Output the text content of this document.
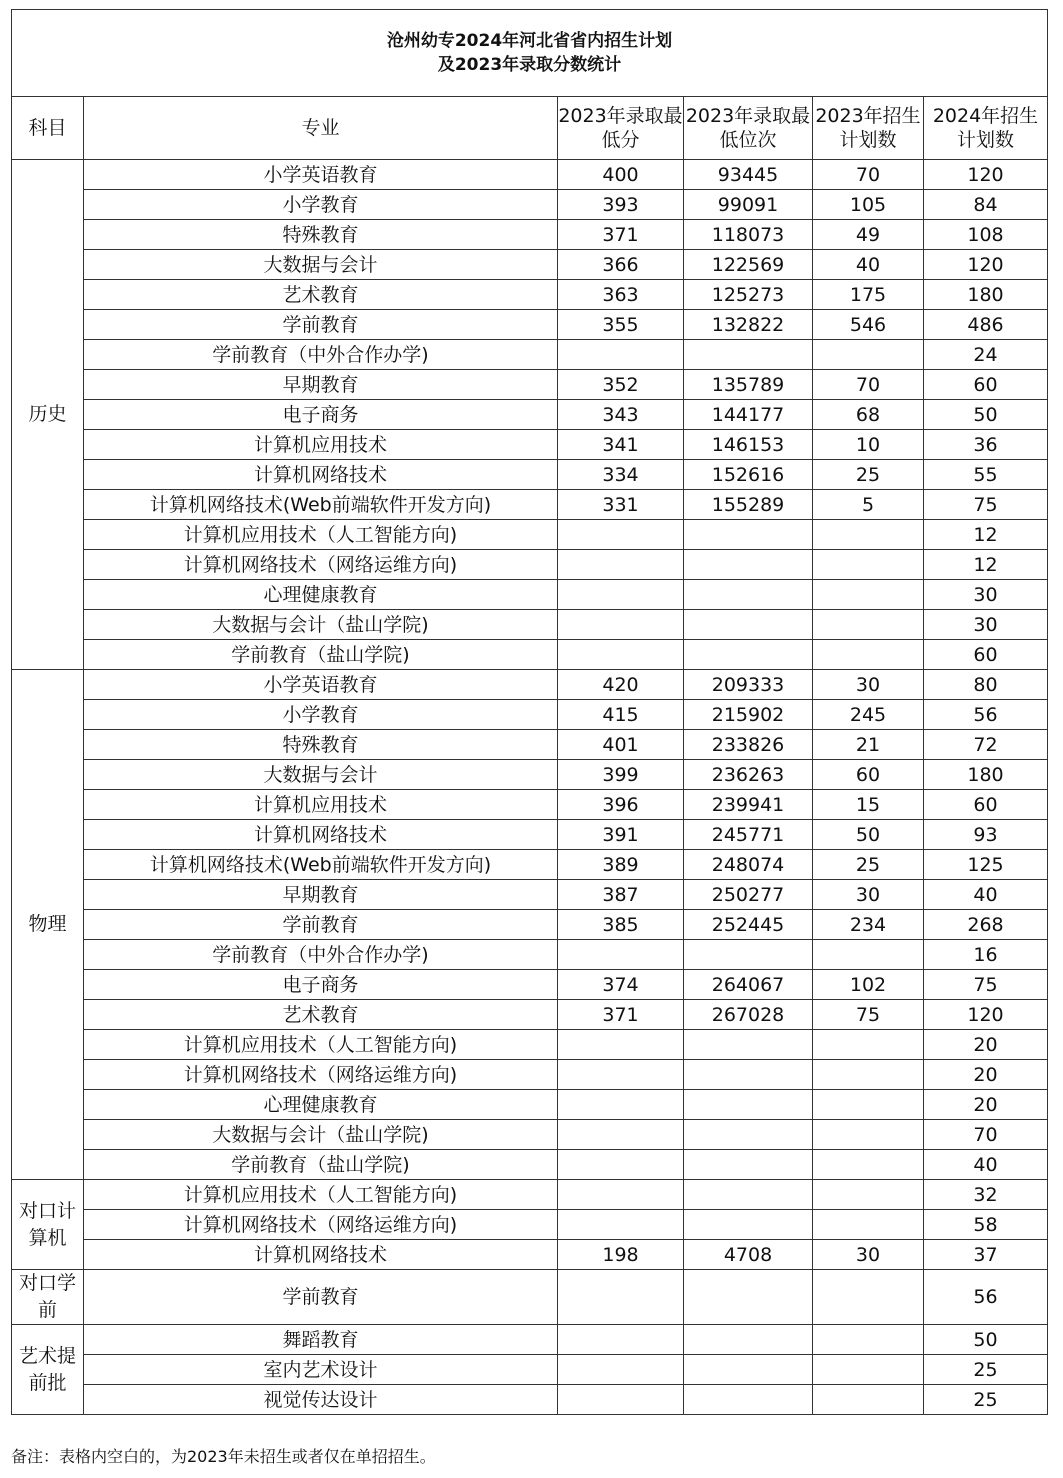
沧州幼专2024年河北省省内招生计划
及2023年录取分数统计					

科目	专业	2023年录取最低分	2023年录取最低位次	2023年招生计划数	2024年招生计划数
历史	小学英语教育	400	93445	70	120
	小学教育	393	99091	105	84
	特殊教育	371	118073	49	108
	大数据与会计	366	122569	40	120
	艺术教育	363	125273	175	180
	学前教育	355	132822	546	486
	学前教育（中外合作办学)				24
	早期教育	352	135789	70	60
	电子商务	343	144177	68	50
	计算机应用技术	341	146153	10	36
	计算机网络技术	334	152616	25	55
	计算机网络技术(Web前端软件开发方向)	331	155289	5	75
	计算机应用技术（人工智能方向)				12
	计算机网络技术（网络运维方向)				12
	心理健康教育				30
	大数据与会计（盐山学院)				30
	学前教育（盐山学院)				60
物理	小学英语教育	420	209333	30	80
	小学教育	415	215902	245	56
	特殊教育	401	233826	21	72
	大数据与会计	399	236263	60	180
	计算机应用技术	396	239941	15	60
	计算机网络技术	391	245771	50	93
	计算机网络技术(Web前端软件开发方向)	389	248074	25	125
	早期教育	387	250277	30	40
	学前教育	385	252445	234	268
	学前教育（中外合作办学)				16
	电子商务	374	264067	102	75
	艺术教育	371	267028	75	120
	计算机应用技术（人工智能方向)				20
	计算机网络技术（网络运维方向)				20
	心理健康教育				20
	大数据与会计（盐山学院)				70
	学前教育（盐山学院)				40
对口计算机	计算机应用技术（人工智能方向)				32
	计算机网络技术（网络运维方向)				58
	计算机网络技术	198	4708	30	37
对口学前	学前教育				56
艺术提前批	舞蹈教育				50
	室内艺术设计				25
	视觉传达设计				25
备注：表格内空白的，为2023年未招生或者仅在单招招生。
